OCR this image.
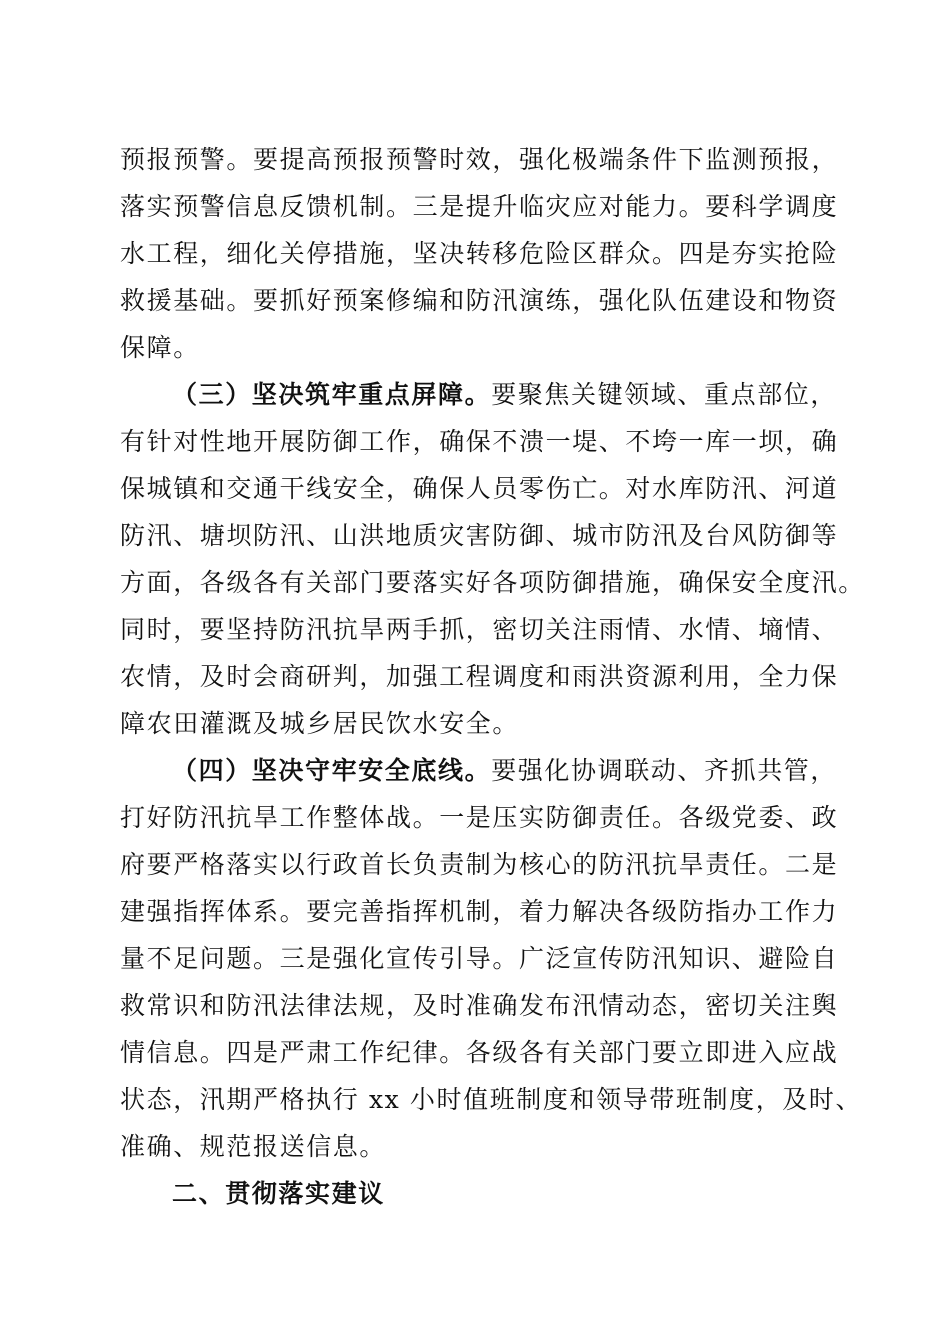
预报预警。要提高预报预警时效，强化极端条件下监测预报，
落实预警信息反馈机制。三是提升临灾应对能力。要科学调度
水工程，细化关停措施，坚决转移危险区群众。四是夯实抢险
救援基础。要抓好预案修编和防汛演练，强化队伍建设和物资
保障。
（三）坚决筑牢重点屏障。要聚焦关键领域、重点部位，
有针对性地开展防御工作，确保不溃一堤、不垮一库一坝，确
保城镇和交通干线安全，确保人员零伤亡。对水库防汛、河道
防汛、塘坝防汛、山洪地质灾害防御、城市防汛及台风防御等
方面，各级各有关部门要落实好各项防御措施，确保安全度汛。
同时，要坚持防汛抗旱两手抓，密切关注雨情、水情、墒情、
农情，及时会商研判，加强工程调度和雨洪资源利用，全力保
障农田灌溉及城乡居民饮水安全。
（四）坚决守牢安全底线。要强化协调联动、齐抓共管，
打好防汛抗旱工作整体战。一是压实防御责任。各级党委、政
府要严格落实以行政首长负责制为核心的防汛抗旱责任。二是
建强指挥体系。要完善指挥机制，着力解决各级防指办工作力
量不足问题。三是强化宣传引导。广泛宣传防汛知识、避险自
救常识和防汛法律法规，及时准确发布汛情动态，密切关注舆
情信息。四是严肃工作纪律。各级各有关部门要立即进入应战
状态，汛期严格执行 xx 小时值班制度和领导带班制度，及时、
准确、规范报送信息。
二、贯彻落实建议
